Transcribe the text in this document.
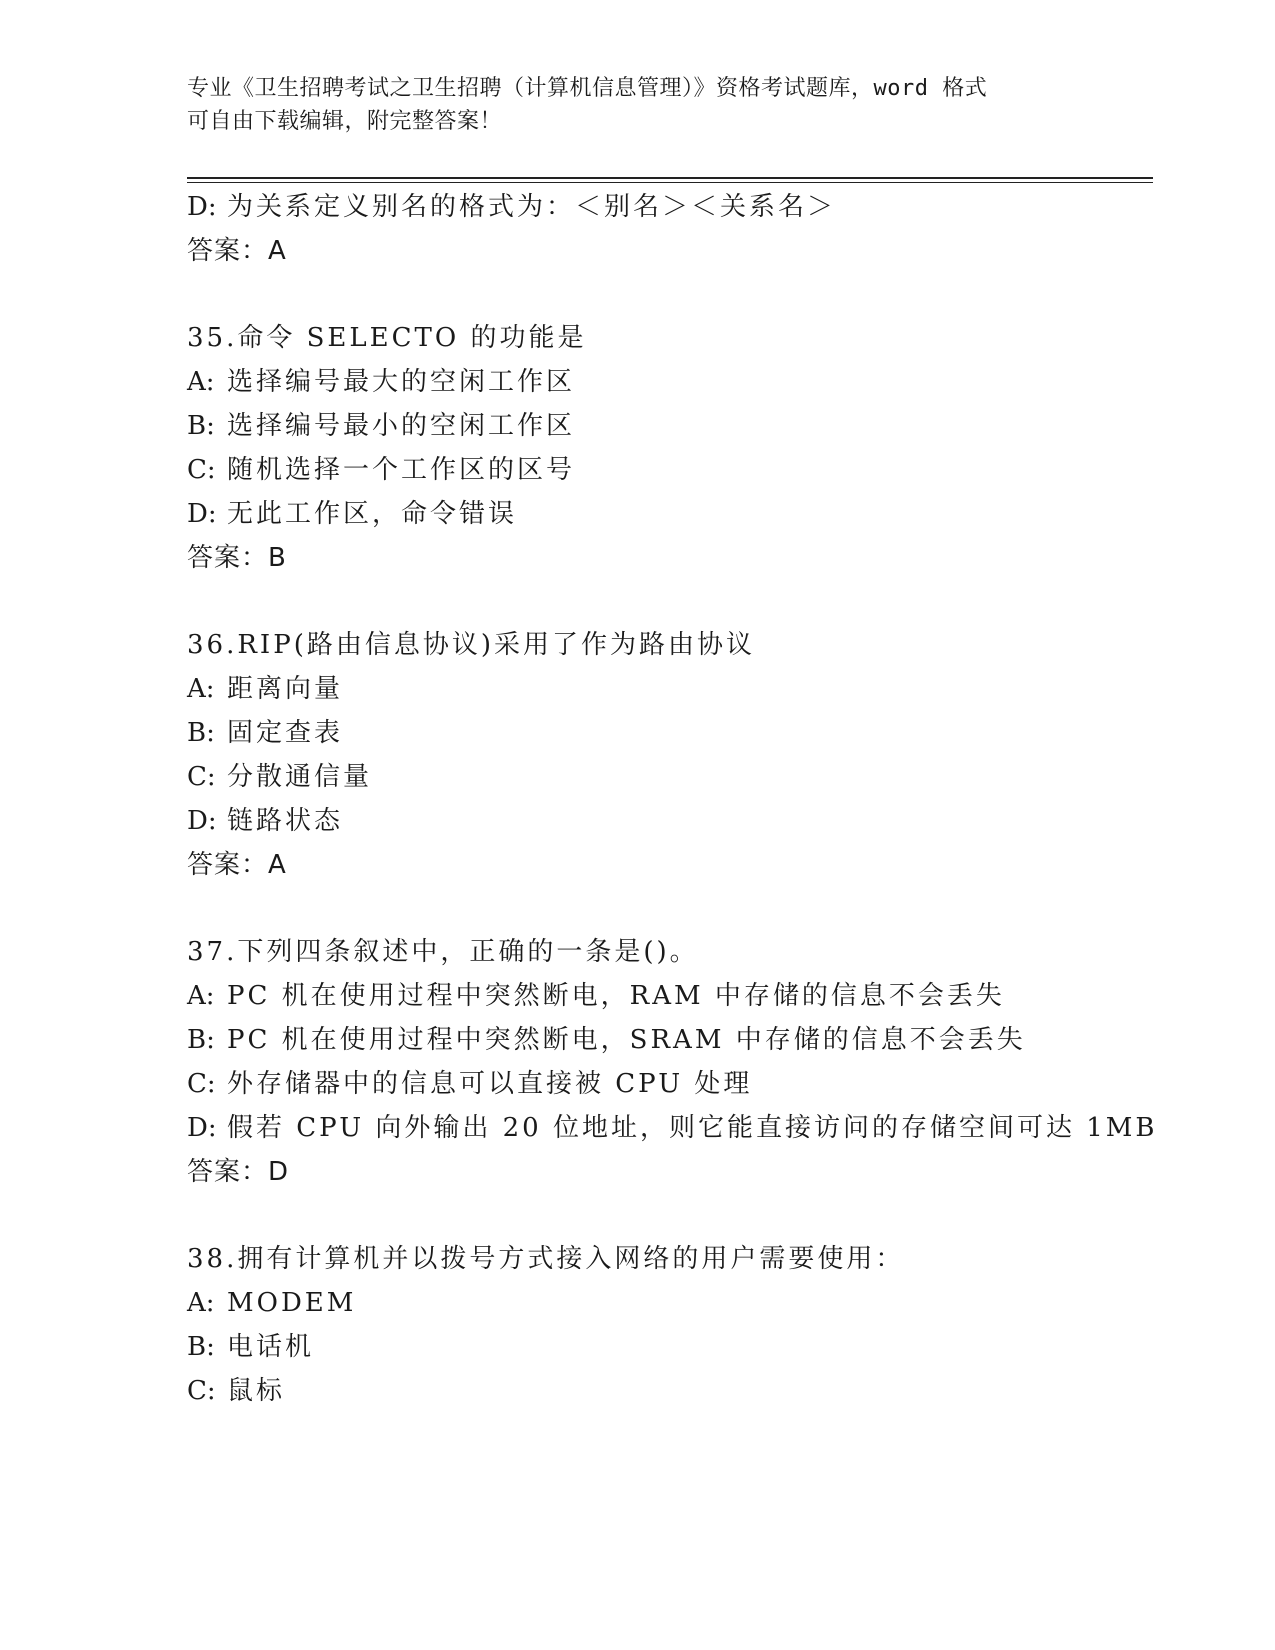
专业《卫生招聘考试之卫生招聘（计算机信息管理）》资格考试题库，word 格式
可自由下载编辑，附完整答案！
D: 为关系定义别名的格式为：＜别名＞＜关系名＞
答案：A
35.命令 SELECTO 的功能是
A: 选择编号最大的空闲工作区
B: 选择编号最小的空闲工作区
C: 随机选择一个工作区的区号
D: 无此工作区，命令错误
答案：B
36.RIP(路由信息协议)采用了作为路由协议
A: 距离向量
B: 固定查表
C: 分散通信量
D: 链路状态
答案：A
37.下列四条叙述中，正确的一条是()。
A: PC 机在使用过程中突然断电，RAM 中存储的信息不会丢失
B: PC 机在使用过程中突然断电，SRAM 中存储的信息不会丢失
C: 外存储器中的信息可以直接被 CPU 处理
D: 假若 CPU 向外输出 20 位地址，则它能直接访问的存储空间可达 1MB
答案：D
38.拥有计算机并以拨号方式接入网络的用户需要使用：
A: MODEM
B: 电话机
C: 鼠标
